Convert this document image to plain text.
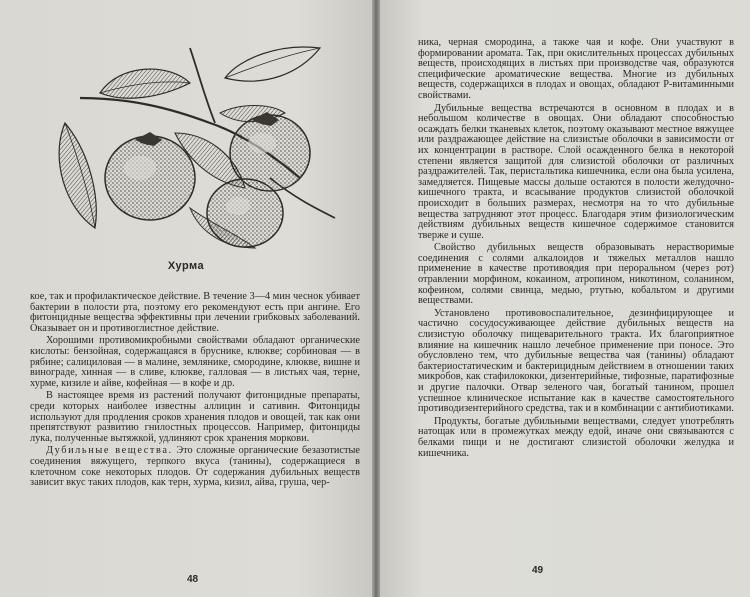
Хурма

кое, так и профилактическое действие. В течение 3—4 мин чеснок убивает бактерии в полости рта, поэтому его рекомендуют есть при ангине. Его фитонцидные вещества эффективны при лечении грибковых заболеваний. Оказывает он и противоглистное действие.

Хорошими противомикробными свойствами обладают органические кислоты: бензойная, содержащаяся в бруснике, клюкве; сорбиновая — в рябине; салициловая — в малине, землянике, смородине, клюкве, вишне и винограде, хинная — в сливе, клюкве, галловая — в листьях чая, терне, хурме, кизиле и айве, кофейная — в кофе и др.

В настоящее время из растений получают фитонцидные препараты, среди которых наиболее известны аллицин и сативин. Фитонциды используют для продления сроков хранения плодов и овощей, так как они препятствуют развитию гнилостных процессов. Например, фитонциды лука, полученные вытяжкой, удлиняют срок хранения моркови.

Дубильные вещества. Это сложные органические безазотистые соединения вяжущего, терпкого вкуса (танины), содержащиеся в клеточном соке некоторых плодов. От содержания дубильных веществ зависит вкус таких плодов, как терн, хурма, кизил, айва, груша, чер-

48

ника, черная смородина, а также чая и кофе. Они участвуют в формировании аромата. Так, при окислительных процессах дубильных веществ, происходящих в листьях при производстве чая, образуются специфические ароматические вещества. Многие из дубильных веществ, содержащихся в плодах и овощах, обладают Р-витаминными свойствами.

Дубильные вещества встречаются в основном в плодах и в небольшом количестве в овощах. Они обладают способностью осаждать белки тканевых клеток, поэтому оказывают местное вяжущее или раздражающее действие на слизистые оболочки в зависимости от их концентрации в растворе. Слой осажденного белка в некоторой степени является защитой для слизистой оболочки от различных раздражителей. Так, перистальтика кишечника, если она была усилена, замедляется. Пищевые массы дольше остаются в полости желудочно-кишечного тракта, и всасывание продуктов слизистой оболочкой происходит в больших размерах, несмотря на то что дубильные вещества затрудняют этот процесс. Благодаря этим физиологическим действиям дубильных веществ кишечное содержимое становится тверже и суше.

Свойство дубильных веществ образовывать нерастворимые соединения с солями алкалоидов и тяжелых металлов нашло применение в качестве противоядия при пероральном (через рот) отравлении морфином, кокаином, атропином, никотином, соланином, кофеином, солями свинца, медью, ртутью, кобальтом и другими веществами.

Установлено противовоспалительное, дезинфицирующее и частично сосудосуживающее действие дубильных веществ на слизистую оболочку пищеварительного тракта. Их благоприятное влияние на кишечник нашло лечебное применение при поносе. Это обусловлено тем, что дубильные вещества чая (танины) обладают бактериостатическим и бактерицидным действием в отношении таких микробов, как стафилококки, дизентерийные, тифозные, паратифозные и другие палочки. Отвар зеленого чая, богатый танином, прошел успешное клиническое испытание как в качестве самостоятельного противодизентерийного средства, так и в комбинации с антибиотиками.

Продукты, богатые дубильными веществами, следует употреблять натощак или в промежутках между едой, иначе они связываются с белками пищи и не достигают слизистой оболочки желудка и кишечника.

49
